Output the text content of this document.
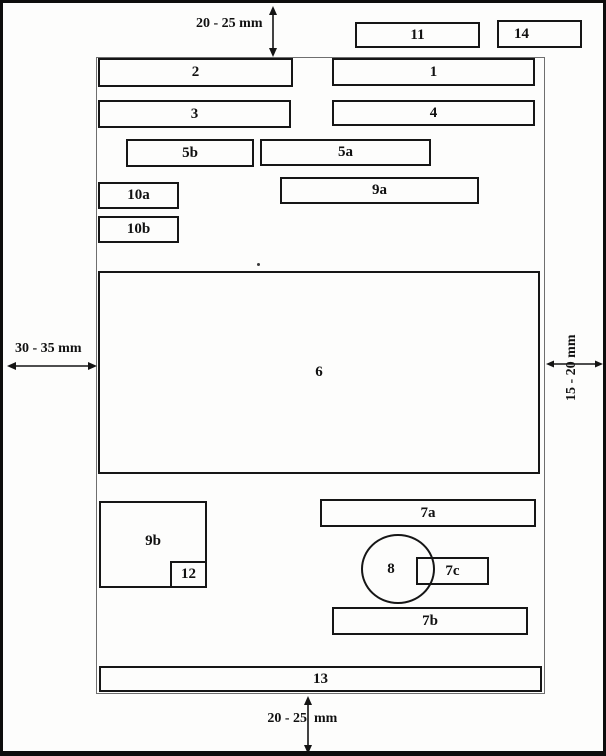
20 - 25 mm
11	14
30 - 35 mm	15 - 20 mm
20 - 25 mm
2	1
3	4
5b	5a
10a	9a
10b
6
9b
12
7a
8	7c
7b
13
